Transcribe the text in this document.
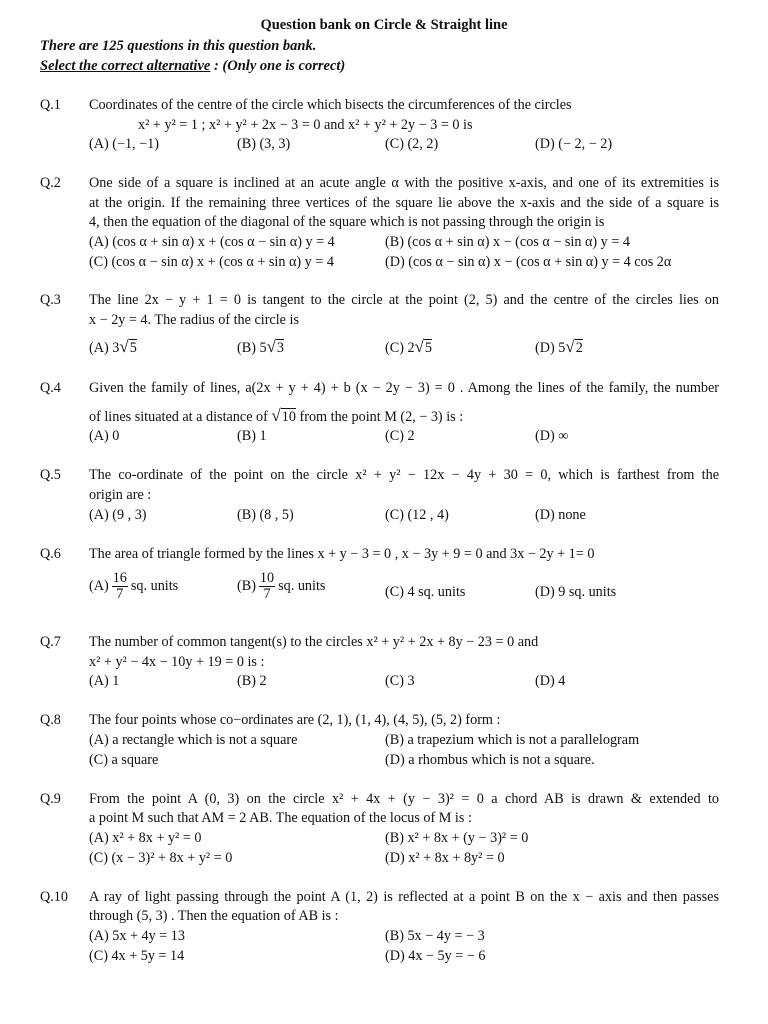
Question bank on Circle & Straight line
There are 125 questions in this question bank.
Select the correct alternative : (Only one is correct)
Q.1 Coordinates of the centre of the circle which bisects the circumferences of the circles
x² + y² = 1 ; x² + y² + 2x − 3 = 0 and x² + y² + 2y − 3 = 0 is
(A) (−1, −1)	(B) (3, 3)	(C) (2, 2)	(D) (− 2, − 2)
Q.2 One side of a square is inclined at an acute angle α with the positive x-axis, and one of its extremities is
at the origin. If the remaining three vertices of the square lie above the x-axis and the side of a square is
4, then the equation of the diagonal of the square which is not passing through the origin is
(A) (cos α + sin α) x + (cos α − sin α) y = 4	(B) (cos α + sin α) x − (cos α − sin α) y = 4
(C) (cos α − sin α) x + (cos α + sin α) y = 4	(D) (cos α − sin α) x − (cos α + sin α) y = 4 cos 2α
Q.3 The line 2x − y + 1 = 0 is tangent to the circle at the point (2, 5) and the centre of the circles lies on
x − 2y = 4. The radius of the circle is
(A) 3√5	(B) 5√3	(C) 2√5	(D) 5√2
Q.4 Given the family of lines, a(2x + y + 4) + b (x − 2y − 3) = 0 . Among the lines of the family, the number
of lines situated at a distance of √10 from the point M (2, − 3) is :
(A) 0	(B) 1	(C) 2	(D) ∞
Q.5 The co-ordinate of the point on the circle x² + y² − 12x − 4y + 30 = 0, which is farthest from the
origin are :
(A) (9 , 3)	(B) (8 , 5)	(C) (12 , 4)	(D) none
Q.6 The area of triangle formed by the lines x + y − 3 = 0 , x − 3y + 9 = 0 and 3x − 2y + 1= 0
$(A) \frac{16}{7}$ sq. units	$(B) \frac{10}{7}$ sq. units	(C) 4 sq. units	(D) 9 sq. units
Q.7 The number of common tangent(s) to the circles x² + y² + 2x + 8y − 23 = 0 and
x² + y² − 4x − 10y + 19 = 0 is :
(A) 1	(B) 2	(C) 3	(D) 4
Q.8 The four points whose co−ordinates are (2, 1), (1, 4), (4, 5), (5, 2) form :
(A) a rectangle which is not a square	(B) a trapezium which is not a parallelogram
(C) a square	(D) a rhombus which is not a square.
Q.9 From the point A (0, 3) on the circle x² + 4x + (y − 3)² = 0 a chord AB is drawn & extended to
a point M such that AM = 2 AB. The equation of the locus of M is :
(A) x² + 8x + y² = 0	(B) x² + 8x + (y − 3)² = 0
(C) (x − 3)² + 8x + y² = 0	(D) x² + 8x + 8y² = 0
Q.10 A ray of light passing through the point A (1, 2) is reflected at a point B on the x − axis and then passes
through (5, 3) . Then the equation of AB is :
(A) 5x + 4y = 13	(B) 5x − 4y = − 3
(C) 4x + 5y = 14	(D) 4x − 5y = − 6
